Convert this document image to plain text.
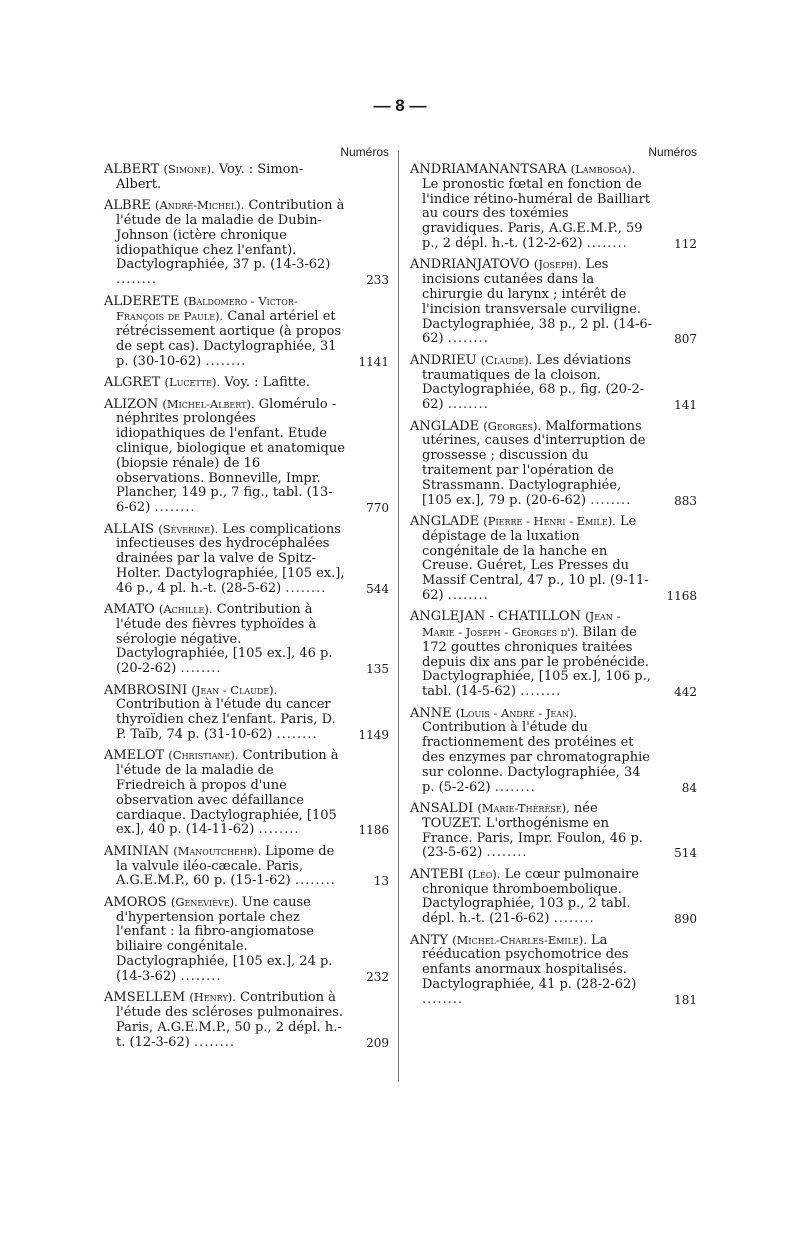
— 8 —
Numéros
ALBERT (Simone). Voy. : Simon-Albert.
ALBRE (André-Michel). Contribution à l'étude de la maladie de Dubin-Johnson (ictère chronique idiopathique chez l'enfant). Dactylographiée, 37 p. (14-3-62) ........	233
ALDERETE (Baldomero - Victor-François de Paule). Canal artériel et rétrécissement aortique (à propos de sept cas). Dactylographiée, 31 p. (30-10-62) ........	1141
ALGRET (Lucette). Voy. : Lafitte.
ALIZON (Michel-Albert). Glomérulo - néphrites prolongées idiopathiques de l'enfant. Etude clinique, biologique et anatomique (biopsie rénale) de 16 observations. Bonneville, Impr. Plancher, 149 p., 7 fig., tabl. (13-6-62) ........	770
ALLAIS (Séverine). Les complications infectieuses des hydrocéphalées drainées par la valve de Spitz-Holter. Dactylographiée, [105 ex.], 46 p., 4 pl. h.-t. (28-5-62) ........	544
AMATO (Achille). Contribution à l'étude des fièvres typhoïdes à sérologie négative. Dactylographiée, [105 ex.], 46 p. (20-2-62) ........	135
AMBROSINI (Jean - Claude). Contribution à l'étude du cancer thyroïdien chez l'enfant. Paris, D. P. Taïb, 74 p. (31-10-62) ........	1149
AMELOT (Christiane). Contribution à l'étude de la maladie de Friedreich à propos d'une observation avec défaillance cardiaque. Dactylographiée, [105 ex.], 40 p. (14-11-62) ........	1186
AMINIAN (Manoutchehr). Lipome de la valvule iléo-cæcale. Paris, A.G.E.M.P., 60 p. (15-1-62) ........	13
AMOROS (Geneviève). Une cause d'hypertension portale chez l'enfant : la fibro-angiomatose biliaire congénitale. Dactylographiée, [105 ex.], 24 p. (14-3-62) ........	232
AMSELLEM (Henry). Contribution à l'étude des scléroses pulmonaires. Paris, A.G.E.M.P., 50 p., 2 dépl. h.-t. (12-3-62) ........	209
Numéros
ANDRIAMANANTSARA (Lambosoa). Le pronostic fœtal en fonction de l'indice rétino-huméral de Bailliart au cours des toxémies gravidiques. Paris, A.G.E.M.P., 59 p., 2 dépl. h.-t. (12-2-62) ........	112
ANDRIANJATOVO (Joseph). Les incisions cutanées dans la chirurgie du larynx ; intérêt de l'incision transversale curviligne. Dactylographiée, 38 p., 2 pl. (14-6-62) ........	807
ANDRIEU (Claude). Les déviations traumatiques de la cloison. Dactylographiée, 68 p., fig. (20-2-62) ........	141
ANGLADE (Georges). Malformations utérines, causes d'interruption de grossesse ; discussion du traitement par l'opération de Strassmann. Dactylographiée, [105 ex.], 79 p. (20-6-62) ........	883
ANGLADE (Pierre - Henri - Emile). Le dépistage de la luxation congénitale de la hanche en Creuse. Guéret, Les Presses du Massif Central, 47 p., 10 pl. (9-11-62) ........	1168
ANGLEJAN - CHATILLON (Jean - Marie - Joseph - Georges d'). Bilan de 172 gouttes chroniques traitées depuis dix ans par le probénécide. Dactylographiée, [105 ex.], 106 p., tabl. (14-5-62) ........	442
ANNE (Louis - André - Jean). Contribution à l'étude du fractionnement des protéines et des enzymes par chromatographie sur colonne. Dactylographiée, 34 p. (5-2-62) ........	84
ANSALDI (Marie-Thérèse), née TOUZET. L'orthogénisme en France. Paris, Impr. Foulon, 46 p. (23-5-62) ........	514
ANTEBI (Léo). Le cœur pulmonaire chronique thromboembolique. Dactylographiée, 103 p., 2 tabl. dépl. h.-t. (21-6-62) ........	890
ANTY (Michel-Charles-Emile). La rééducation psychomotrice des enfants anormaux hospitalisés. Dactylographiée, 41 p. (28-2-62) ........	181
